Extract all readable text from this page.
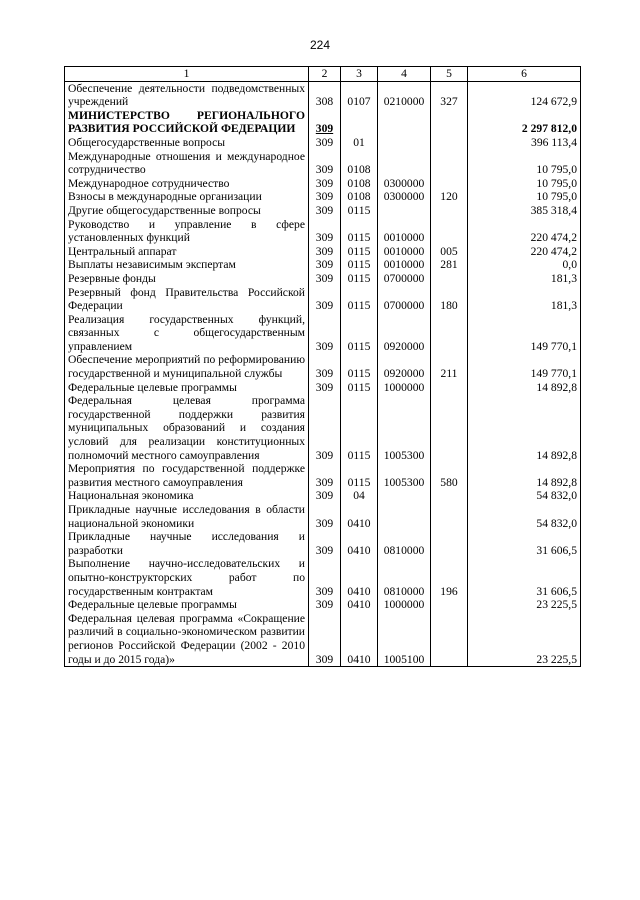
224
1	2	3	4	5	6
Обеспечение деятельности подведомственных учреждений	308	0107	0210000	327	124 672,9
МИНИСТЕРСТВО РЕГИОНАЛЬНОГО РАЗВИТИЯ РОССИЙСКОЙ ФЕДЕРАЦИИ	309				2 297 812,0
Общегосударственные вопросы	309	01			396 113,4
Международные отношения и международное сотрудничество	309	0108			10 795,0
Международное сотрудничество	309	0108	0300000		10 795,0
Взносы в международные организации	309	0108	0300000	120	10 795,0
Другие общегосударственные вопросы	309	0115			385 318,4
Руководство и управление в сфере установленных функций	309	0115	0010000		220 474,2
Центральный аппарат	309	0115	0010000	005	220 474,2
Выплаты независимым экспертам	309	0115	0010000	281	0,0
Резервные фонды	309	0115	0700000		181,3
Резервный фонд Правительства Российской Федерации	309	0115	0700000	180	181,3
Реализация государственных функций, связанных с общегосударственным управлением	309	0115	0920000		149 770,1
Обеспечение мероприятий по реформированию государственной и муниципальной службы	309	0115	0920000	211	149 770,1
Федеральные целевые программы	309	0115	1000000		14 892,8
Федеральная целевая программа государственной поддержки развития муниципальных образований и создания условий для реализации конституционных полномочий местного самоуправления	309	0115	1005300		14 892,8
Мероприятия по государственной поддержке развития местного самоуправления	309	0115	1005300	580	14 892,8
Национальная экономика	309	04			54 832,0
Прикладные научные исследования в области национальной экономики	309	0410			54 832,0
Прикладные научные исследования и разработки	309	0410	0810000		31 606,5
Выполнение научно-исследовательских и опытно-конструкторских работ по государственным контрактам	309	0410	0810000	196	31 606,5
Федеральные целевые программы	309	0410	1000000		23 225,5
Федеральная целевая программа «Сокращение различий в социально-экономическом развитии регионов Российской Федерации (2002 - 2010 годы и до 2015 года)»	309	0410	1005100		23 225,5
